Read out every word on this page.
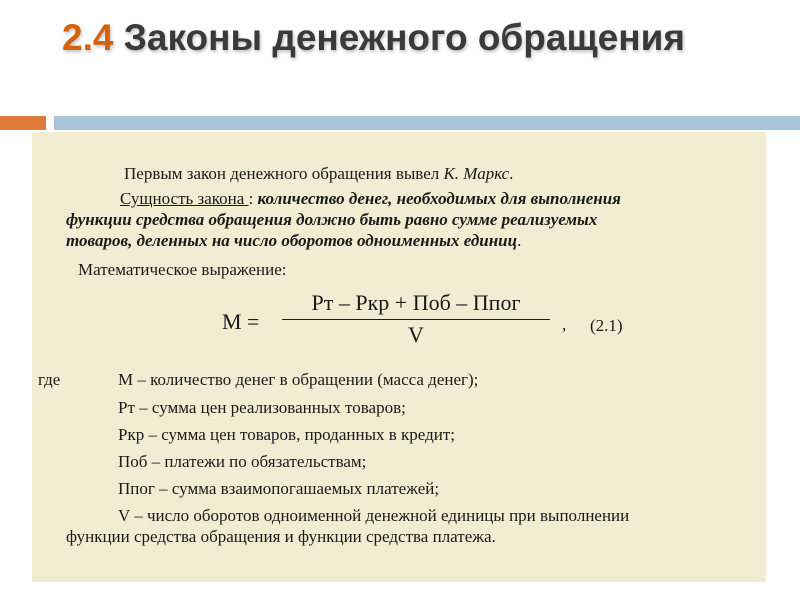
2.4 Законы денежного обращения
Первым закон денежного обращения вывел К. Маркс.
Сущность закона : количество денег, необходимых для выполнения
функции средства обращения должно быть равно сумме реализуемых
товаров, деленных на число оборотов одноименных единиц.
Математическое выражение:
М =
Рт – Ркр + Поб – Ппог
V	, (2.1)
где	М – количество денег в обращении (масса денег);
Рт – сумма цен реализованных товаров;
Ркр – сумма цен товаров, проданных в кредит;
Поб – платежи по обязательствам;
Ппог – сумма взаимопогашаемых платежей;
V – число оборотов одноименной денежной единицы при выполнении
функции средства обращения и функции средства платежа.
